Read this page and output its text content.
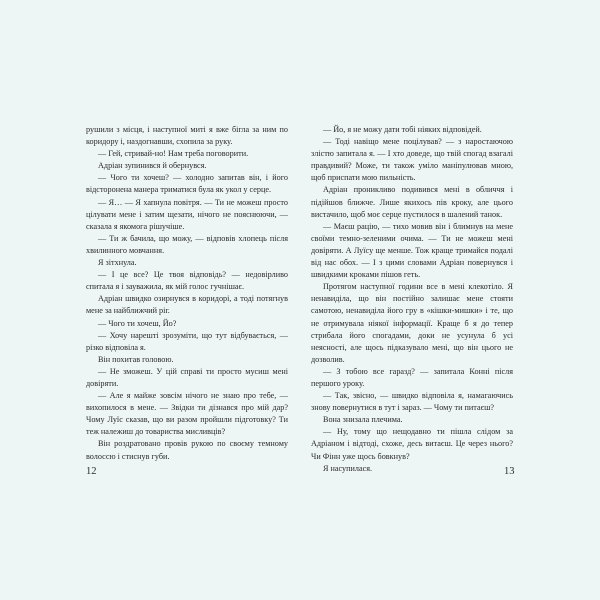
рушили з місця, і наступної миті я вже бігла за ним по коридору і, наздогнавши, схопила за руку.

— Гей, стривай-но! Нам треба поговорити.

Адріан зупинився й обернувся.

— Чого ти хочеш? — холодно запитав він, і його відсторонена манера триматися була як укол у серце.

— Я… — Я хапнула повітря. — Ти не можеш просто цілувати мене і затим щезати, нічого не пояснюючи, — сказала я якомога рішучіше.

— Ти ж бачила, що можу, — відповів хлопець після хвилинного мовчання.

Я зітхнула.

— І це все? Це твоя відповідь? — недовірливо спитала я і зауважила, як мій голос гучнішає.

Адріан швидко озирнувся в коридорі, а тоді потягнув мене за найближчий ріг.

— Чого ти хочеш, Йо?

— Хочу нарешті зрозуміти, що тут відбувається, — різко відповіла я.

Він похитав головою.

— Не зможеш. У цій справі ти просто мусиш мені довіряти.

— Але я майже зовсім нічого не знаю про тебе, — вихопилося в мене. — Звідки ти дізнався про мій дар? Чому Луїс сказав, що ви разом пройшли підготовку? Ти теж належиш до товариства мисливців?

Він роздратовано провів рукою по своєму темному волоссю і стиснув губи.

12

— Йо, я не можу дати тобі ніяких відповідей.

— Тоді навіщо мене поцілував? — з наростаючою злістю запитала я. — І хто доведе, що твій спогад взагалі правдивий? Може, ти також уміло маніпулював мною, щоб приспати мою пильність.

Адріан проникливо подивився мені в обличчя і підійшов ближче. Лише якихось пів кроку, але цього вистачило, щоб моє серце пустилося в шалений танок.

— Маєш рацію, — тихо мовив він і блимнув на мене своїми темно-зеленими очима. — Ти не можеш мені довіряти. А Луїсу ще менше. Тож краще тримайся подалі від нас обох. — І з цими словами Адріан повернувся і швидкими кроками пішов геть.

Протягом наступної години все в мені клекотіло. Я ненавиділа, що він постійно залишає мене стояти самотою, ненавиділа його гру в «кішки-мишки» і те, що не отримувала ніякої інформації. Краще б я до тепер стрибала його спогадами, доки не усунула б усі неясності, але щось підказувало мені, що він цього не дозволив.

— З тобою все гаразд? — запитала Конні після першого уроку.

— Так, звісно, — швидко відповіла я, намагаючись знову повернутися в тут і зараз. — Чому ти питаєш?

Вона знизала плечима.

— Ну, тому що нещодавно ти пішла слідом за Адріаном і відтоді, схоже, десь витаєш. Це через нього? Чи Фінн уже щось бовкнув?

Я насупилася.	13
